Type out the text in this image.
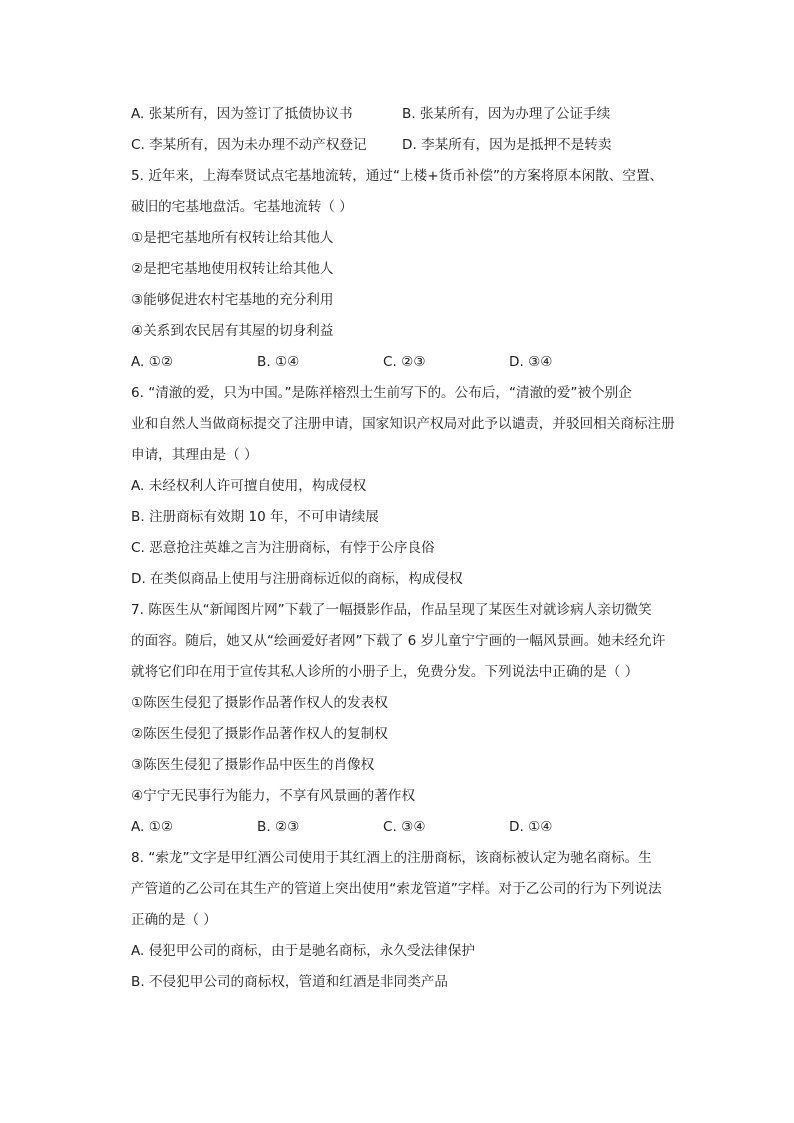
A. 张某所有，因为签订了抵债协议书	B. 张某所有，因为办理了公证手续
C. 李某所有，因为未办理不动产权登记	D. 李某所有，因为是抵押不是转卖
5. 近年来，上海奉贤试点宅基地流转，通过“上楼+货币补偿”的方案将原本闲散、空置、
破旧的宅基地盘活。宅基地流转（ ）
①是把宅基地所有权转让给其他人
②是把宅基地使用权转让给其他人
③能够促进农村宅基地的充分利用
④关系到农民居有其屋的切身利益
A. ①②	B. ①④	C. ②③	D. ③④
6. “清澈的爱，只为中国。”是陈祥榕烈士生前写下的。公布后，“清澈的爱”被个别企
业和自然人当做商标提交了注册申请，国家知识产权局对此予以谴责，并驳回相关商标注册
申请，其理由是（ ）
A. 未经权利人许可擅自使用，构成侵权
B. 注册商标有效期 10 年，不可申请续展
C. 恶意抢注英雄之言为注册商标，有悖于公序良俗
D. 在类似商品上使用与注册商标近似的商标，构成侵权
7. 陈医生从“新闻图片网”下载了一幅摄影作品，作品呈现了某医生对就诊病人亲切微笑
的面容。随后，她又从“绘画爱好者网”下载了 6 岁儿童宁宁画的一幅风景画。她未经允许
就将它们印在用于宣传其私人诊所的小册子上，免费分发。下列说法中正确的是（ ）
①陈医生侵犯了摄影作品著作权人的发表权
②陈医生侵犯了摄影作品著作权人的复制权
③陈医生侵犯了摄影作品中医生的肖像权
④宁宁无民事行为能力，不享有风景画的著作权
A. ①②	B. ②③	C. ③④	D. ①④
8. “索龙”文字是甲红酒公司使用于其红酒上的注册商标，该商标被认定为驰名商标。生
产管道的乙公司在其生产的管道上突出使用“索龙管道”字样。对于乙公司的行为下列说法
正确的是（ ）
A. 侵犯甲公司的商标，由于是驰名商标，永久受法律保护
B. 不侵犯甲公司的商标权，管道和红酒是非同类产品
